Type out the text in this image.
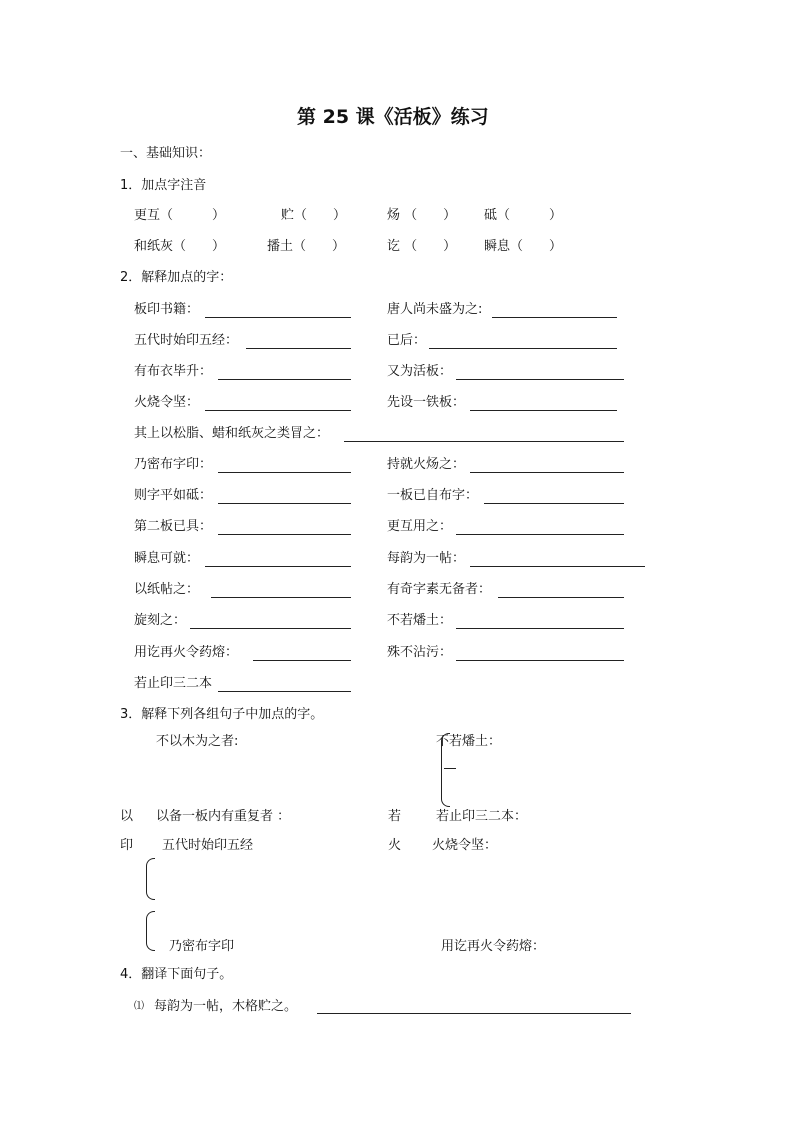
第 25 课《活板》练习
一、基础知识：
1．加点字注音
更互（　　　）	贮（　　）	炀 （　　） 砥（　　　）
和纸灰（　　）	播土（　　）	讫 （　　） 瞬息（　　）
2．解释加点的字：
板印书籍：	唐人尚未盛为之:
五代时始印五经：	已后：
有布衣毕升：	又为活板：
火烧令坚：	先设一铁板：
其上以松脂、蜡和纸灰之类冒之：
乃密布字印：	持就火炀之：
则字平如砥：	一板已自布字：
第二板已具：	更互用之：
瞬息可就：	每韵为一帖：
以纸帖之：	有奇字素无备者：
旋刻之：	不若燔土：
用讫再火令药熔：	殊不沾污：
若止印三二本
3．解释下列各组句子中加点的字。
不以木为之者:	不若燔土：
以 以备一板内有重复者 ：	若	若止印三二本：
印 五代时始印五经	火 火烧令坚：
乃密布字印	用讫再火令药熔：
4．翻译下面句子。
⑴ 每韵为一帖，木格贮之。
